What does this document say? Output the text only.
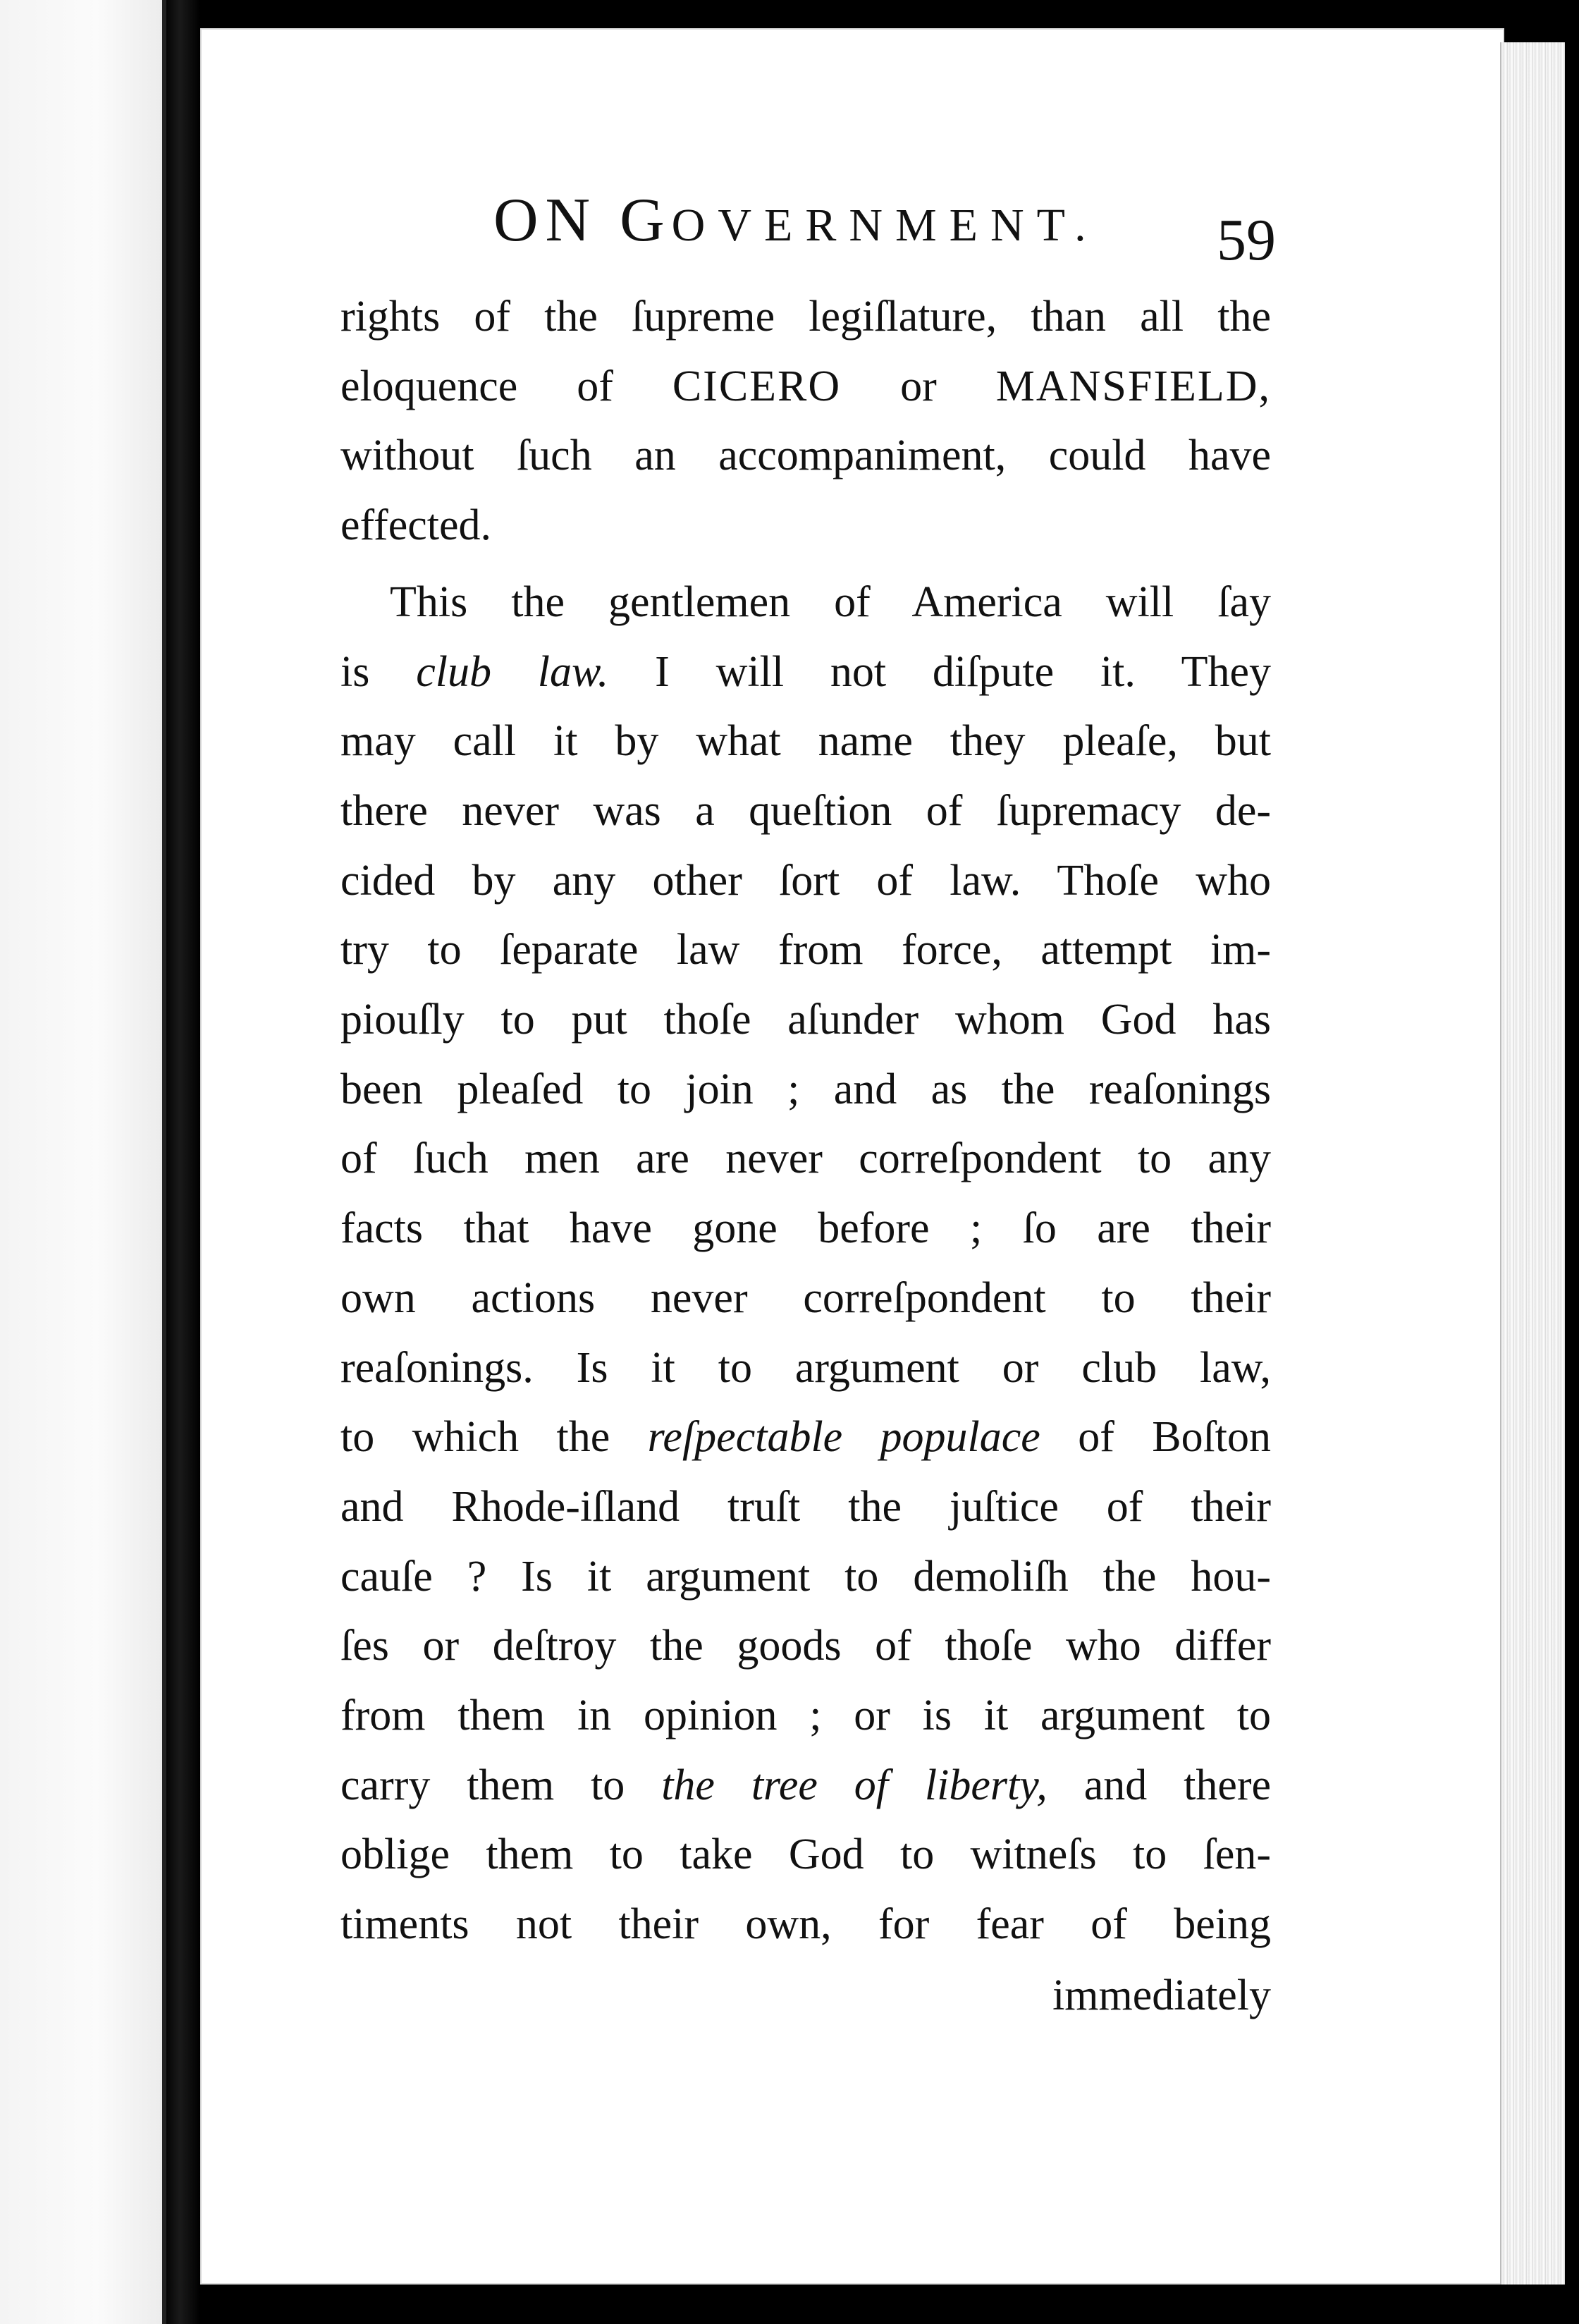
ON GOVERNMENT.	59
rights of the ſupreme legiſlature, than all the
eloquence of CICERO or MANSFIELD,
without ſuch an accompaniment, could have
effected.
This the gentlemen of America will ſay
is club law. I will not diſpute it. They
may call it by what name they pleaſe, but
there never was a queſtion of ſupremacy de-
cided by any other ſort of law. Thoſe who
try to ſeparate law from force, attempt im-
piouſly to put thoſe aſunder whom God has
been pleaſed to join ; and as the reaſonings
of ſuch men are never correſpondent to any
facts that have gone before ; ſo are their
own actions never correſpondent to their
reaſonings. Is it to argument or club law,
to which the reſpectable populace of Boſton
and Rhode-iſland truſt the juſtice of their
cauſe ? Is it argument to demoliſh the hou-
ſes or deſtroy the goods of thoſe who differ
from them in opinion ; or is it argument to
carry them to the tree of liberty, and there
oblige them to take God to witneſs to ſen-
timents not their own, for fear of being
immediately
